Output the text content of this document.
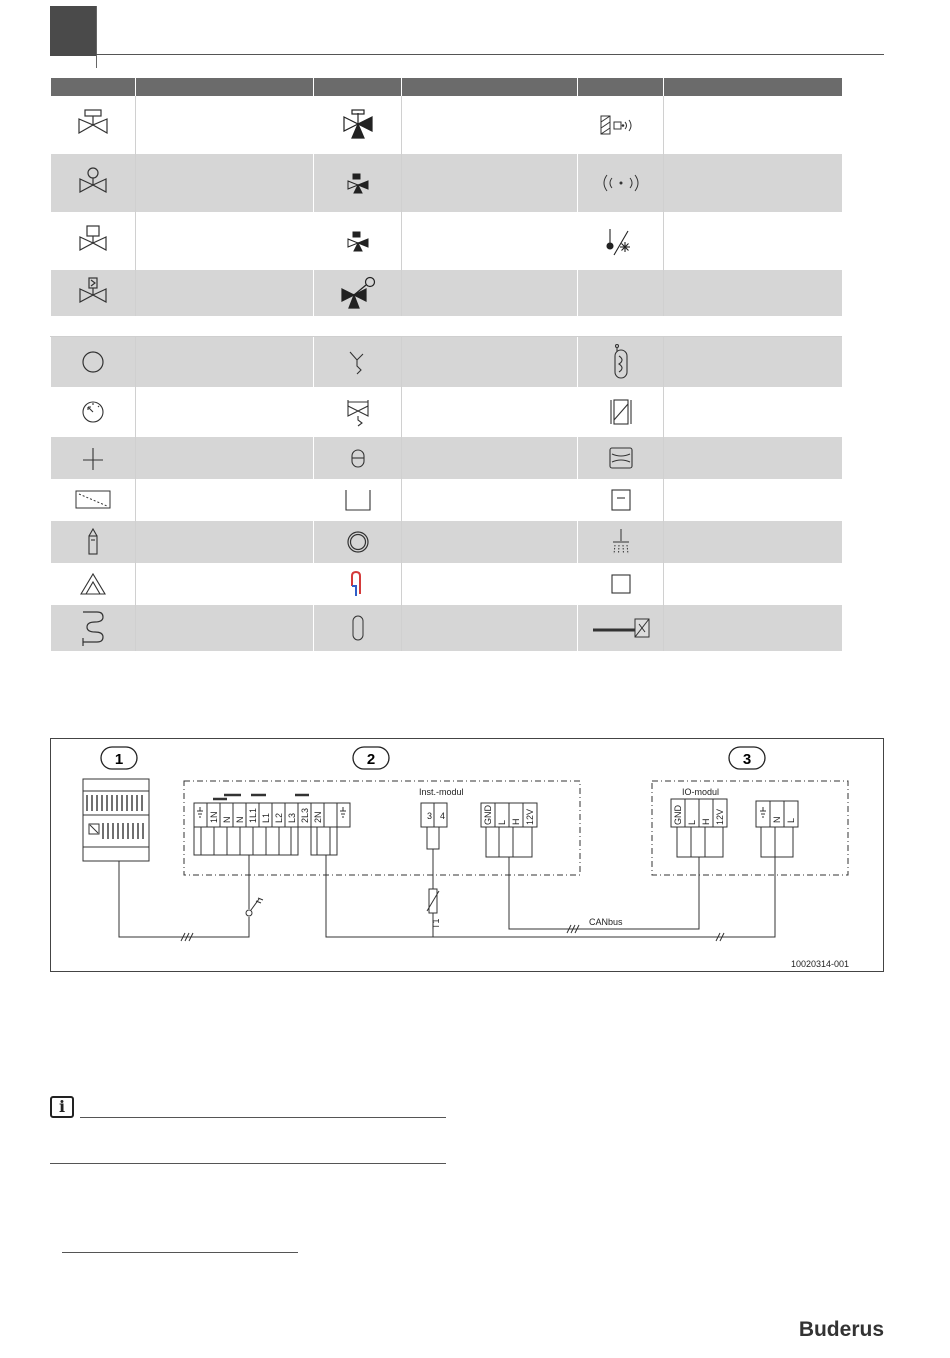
1	2	3
1N N N 1L1 L1 L2 L3 2L3 2N
Inst.-modul
3 4	GND L H 12V
IO-modul
GND L H 12V	N L
T1	CANbus
10020314-001
i
Buderus
